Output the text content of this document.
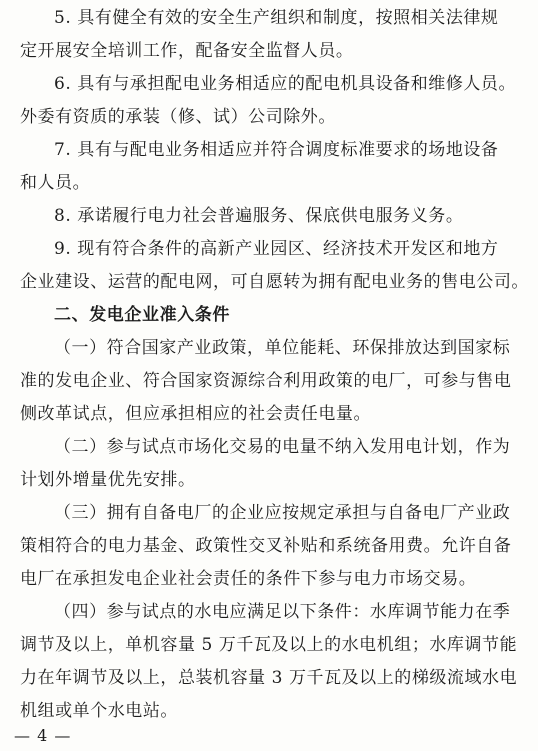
5. 具有健全有效的安全生产组织和制度，按照相关法律规
定开展安全培训工作，配备安全监督人员。
6. 具有与承担配电业务相适应的配电机具设备和维修人员。
外委有资质的承装（修、试）公司除外。
7. 具有与配电业务相适应并符合调度标准要求的场地设备
和人员。
8. 承诺履行电力社会普遍服务、保底供电服务义务。
9. 现有符合条件的高新产业园区、经济技术开发区和地方
企业建设、运营的配电网，可自愿转为拥有配电业务的售电公司。
二、发电企业准入条件
（一）符合国家产业政策，单位能耗、环保排放达到国家标
准的发电企业、符合国家资源综合利用政策的电厂，可参与售电
侧改革试点，但应承担相应的社会责任电量。
（二）参与试点市场化交易的电量不纳入发用电计划，作为
计划外增量优先安排。
（三）拥有自备电厂的企业应按规定承担与自备电厂产业政
策相符合的电力基金、政策性交叉补贴和系统备用费。允许自备
电厂在承担发电企业社会责任的条件下参与电力市场交易。
（四）参与试点的水电应满足以下条件：水库调节能力在季
调节及以上，单机容量 5 万千瓦及以上的水电机组；水库调节能
力在年调节及以上，总装机容量 3 万千瓦及以上的梯级流域水电
机组或单个水电站。
— 4 —
